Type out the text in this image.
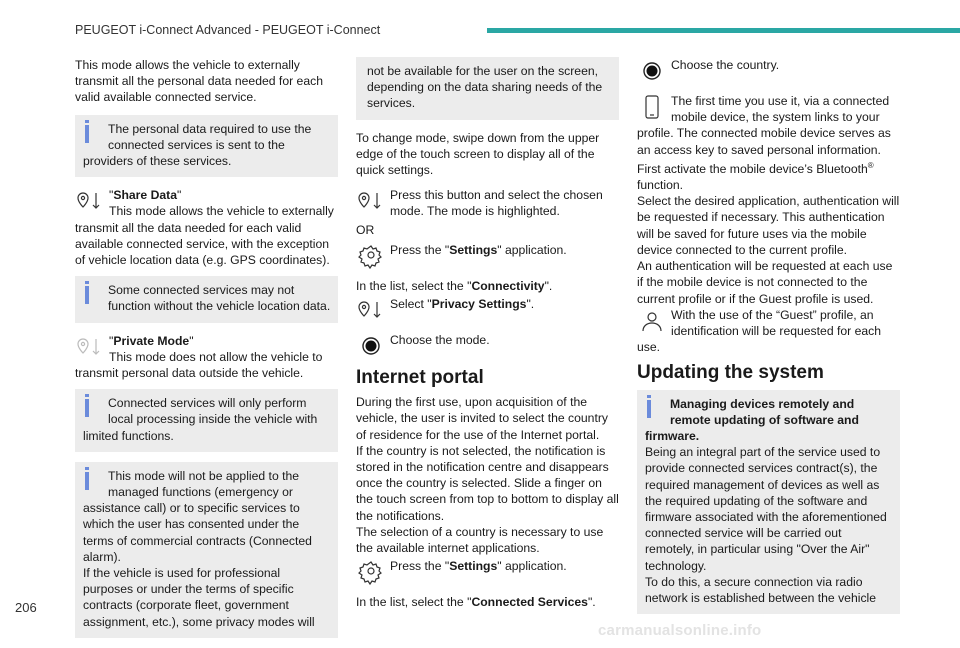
PEUGEOT i-Connect Advanced - PEUGEOT i-Connect

This mode allows the vehicle to externally transmit all the personal data needed for each valid available connected service.

The personal data required to use the connected services is sent to the
providers of these services.
"Share Data"
This mode allows the vehicle to externally transmit all the data needed for each valid available connected service, with the exception of vehicle location data (e.g. GPS coordinates).
Some connected services may not function without the vehicle location data.
"Private Mode"
This mode does not allow the vehicle to transmit personal data outside the vehicle.
Connected services will only perform local processing inside the vehicle with
limited functions.
This mode will not be applied to the managed functions (emergency or
assistance call) or to specific services to which the user has consented under the terms of commercial contracts (Connected alarm).
If the vehicle is used for professional purposes or under the terms of specific contracts (corporate fleet, government assignment, etc.), some privacy modes will
not be available for the user on the screen, depending on the data sharing needs of the services.

To change mode, swipe down from the upper edge of the touch screen to display all of the quick settings.

Press this button and select the chosen mode. The mode is highlighted.

OR

Press the "Settings" application.

In the list, select the "Connectivity".

Select "Privacy Settings".
Choose the mode.
Internet portal

During the first use, upon acquisition of the vehicle, the user is invited to select the country of residence for the use of the Internet portal.

If the country is not selected, the notification is stored in the notification centre and disappears once the country is selected. Slide a finger on the touch screen from top to bottom to display all the notifications.

The selection of a country is necessary to use the available internet applications.

Press the "Settings" application.

In the list, select the "Connected Services".

Choose the country.
The first time you use it, via a connected mobile device, the system links to your

profile. The connected mobile device serves as an access key to saved personal information.

First activate the mobile device’s Bluetooth®
function.

Select the desired application, authentication will be requested if necessary. This authentication will be saved for future uses via the mobile device connected to the current profile.

An authentication will be requested at each use if the mobile device is not connected to the current profile or if the Guest profile is used.

With the use of the “Guest” profile, an identification will be requested for each

use.

Updating the system
Managing devices remotely and remote updating of software and
firmware.
Being an integral part of the service used to provide connected services contract(s), the required management of devices as well as the required updating of the software and firmware associated with the aforementioned connected service will be carried out remotely, in particular using "Over the Air" technology.
To do this, a secure connection via radio network is established between the vehicle
206
carmanualsonline.info
